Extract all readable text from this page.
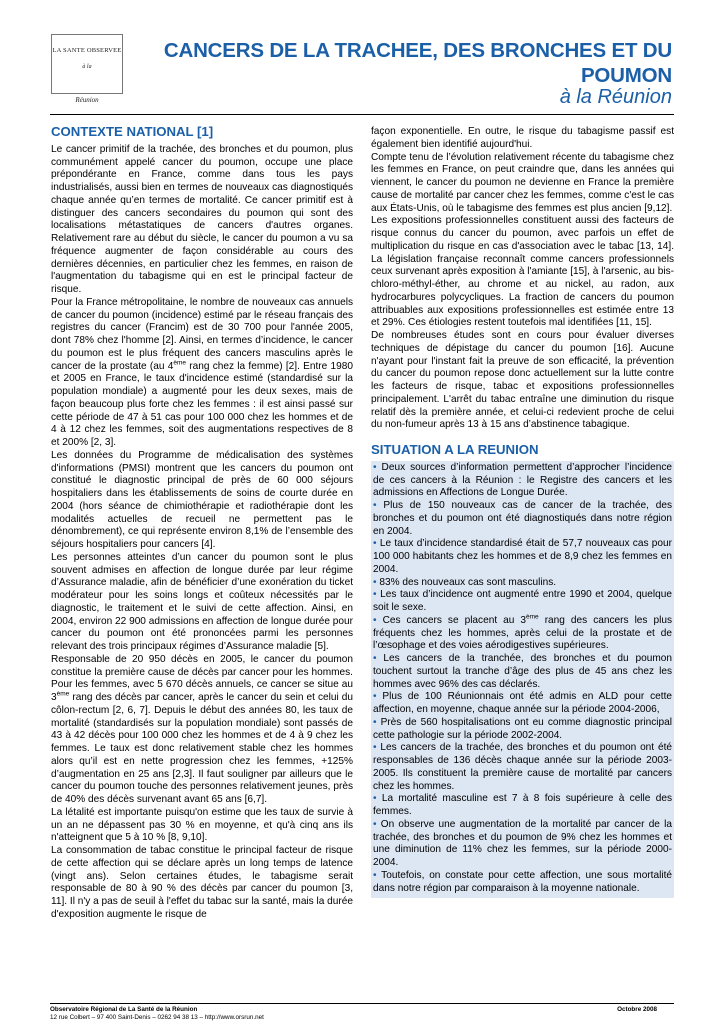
LA SANTE OBSERVEE
à la
Réunion
CANCERS DE LA TRACHEE, DES BRONCHES ET DU POUMON
à la Réunion
CONTEXTE NATIONAL [1]

Le cancer primitif de la trachée, des bronches et du poumon, plus communément appelé cancer du poumon, occupe une place prépondérante en France, comme dans tous les pays industrialisés, aussi bien en termes de nouveaux cas diagnostiqués chaque année qu’en termes de mortalité. Ce cancer primitif est à distinguer des cancers secondaires du poumon qui sont des localisations métastatiques de cancers d'autres organes. Relativement rare au début du siècle, le cancer du poumon a vu sa fréquence augmenter de façon considérable au cours des dernières décennies, en particulier chez les femmes, en raison de l'augmentation du tabagisme qui en est le principal facteur de risque.

Pour la France métropolitaine, le nombre de nouveaux cas annuels de cancer du poumon (incidence) estimé par le réseau français des registres du cancer (Francim) est de 30 700 pour l'année 2005, dont 78% chez l'homme [2]. Ainsi, en termes d’incidence, le cancer du poumon est le plus fréquent des cancers masculins après le cancer de la prostate (au 4ème rang chez la femme) [2]. Entre 1980 et 2005 en France, le taux d'incidence estimé (standardisé sur la population mondiale) a augmenté pour les deux sexes, mais de façon beaucoup plus forte chez les femmes : il est ainsi passé sur cette période de 47 à 51 cas pour 100 000 chez les hommes et de 4 à 12 chez les femmes, soit des augmentations respectives de 8 et 200% [2, 3].

Les données du Programme de médicalisation des systèmes d'informations (PMSI) montrent que les cancers du poumon ont constitué le diagnostic principal de près de 60 000 séjours hospitaliers dans les établissements de soins de courte durée en 2004 (hors séance de chimiothérapie et radiothérapie dont les modalités actuelles de recueil ne permettent pas le dénombrement), ce qui représente environ 8,1% de l’ensemble des séjours hospitaliers pour cancers [4].

Les personnes atteintes d’un cancer du poumon sont le plus souvent admises en affection de longue durée par leur régime d’Assurance maladie, afin de bénéficier d’une exonération du ticket modérateur pour les soins longs et coûteux nécessités par le diagnostic, le traitement et le suivi de cette affection. Ainsi, en 2004, environ 22 900 admissions en affection de longue durée pour cancer du poumon ont été prononcées parmi les personnes relevant des trois principaux régimes d’Assurance maladie [5].

Responsable de 20 950 décès en 2005, le cancer du poumon constitue la première cause de décès par cancer pour les hommes. Pour les femmes, avec 5 670 décès annuels, ce cancer se situe au 3ème rang des décès par cancer, après le cancer du sein et celui du côlon-rectum [2, 6, 7]. Depuis le début des années 80, les taux de mortalité (standardisés sur la population mondiale) sont passés de 43 à 42 décès pour 100 000 chez les hommes et de 4 à 9 chez les femmes. Le taux est donc relativement stable chez les hommes alors qu’il est en nette progression chez les femmes, +125% d’augmentation en 25 ans [2,3]. Il faut souligner par ailleurs que le cancer du poumon touche des personnes relativement jeunes, près de 40% des décès survenant avant 65 ans [6,7].

La létalité est importante puisqu'on estime que les taux de survie à un an ne dépassent pas 30 % en moyenne, et qu'à cinq ans ils n'atteignent que 5 à 10 % [8, 9,10].

La consommation de tabac constitue le principal facteur de risque de cette affection qui se déclare après un long temps de latence (vingt ans). Selon certaines études, le tabagisme serait responsable de 80 à 90 % des décès par cancer du poumon [3, 11]. Il n'y a pas de seuil à l'effet du tabac sur la santé, mais la durée d'exposition augmente le risque de

façon exponentielle. En outre, le risque du tabagisme passif est également bien identifié aujourd'hui.

Compte tenu de l’évolution relativement récente du tabagisme chez les femmes en France, on peut craindre que, dans les années qui viennent, le cancer du poumon ne devienne en France la première cause de mortalité par cancer chez les femmes, comme c'est le cas aux États-Unis, où le tabagisme des femmes est plus ancien [9,12].

Les expositions professionnelles constituent aussi des facteurs de risque connus du cancer du poumon, avec parfois un effet de multiplication du risque en cas d'association avec le tabac [13, 14]. La législation française reconnaît comme cancers professionnels ceux survenant après exposition à l'amiante [15], à l'arsenic, au bis-chloro-méthyl-éther, au chrome et au nickel, au radon, aux hydrocarbures polycycliques. La fraction de cancers du poumon attribuables aux expositions professionnelles est estimée entre 13 et 29%. Ces étiologies restent toutefois mal identifiées [11, 15].

De nombreuses études sont en cours pour évaluer diverses techniques de dépistage du cancer du poumon [16]. Aucune n'ayant pour l'instant fait la preuve de son efficacité, la prévention du cancer du poumon repose donc actuellement sur la lutte contre les facteurs de risque, tabac et expositions professionnelles principalement. L'arrêt du tabac entraîne une diminution du risque relatif dès la première année, et celui-ci redevient proche de celui du non-fumeur après 13 à 15 ans d’abstinence tabagique.

SITUATION A LA REUNION

• Deux sources d’information permettent d’approcher l’incidence de ces cancers à la Réunion : le Registre des cancers et les admissions en Affections de Longue Durée.

• Plus de 150 nouveaux cas de cancer de la trachée, des bronches et du poumon ont été diagnostiqués dans notre région en 2004.

• Le taux d’incidence standardisé était de 57,7 nouveaux cas pour 100 000 habitants chez les hommes et de 8,9 chez les femmes en 2004.

• 83% des nouveaux cas sont masculins.

• Les taux d’incidence ont augmenté entre 1990 et 2004, quelque soit le sexe.

• Ces cancers se placent au 3ème rang des cancers les plus fréquents chez les hommes, après celui de la prostate et de l’œsophage et des voies aérodigestives supérieures.

• Les cancers de la tranchée, des bronches et du poumon touchent surtout la tranche d’âge des plus de 45 ans chez les hommes avec 96% des cas déclarés.

• Plus de 100 Réunionnais ont été admis en ALD pour cette affection, en moyenne, chaque année sur la période 2004-2006,

• Près de 560 hospitalisations ont eu comme diagnostic principal cette pathologie sur la période 2002-2004.

• Les cancers de la trachée, des bronches et du poumon ont été responsables de 136 décès chaque année sur la période 2003-2005. Ils constituent la première cause de mortalité par cancers chez les hommes.

• La mortalité masculine est 7 à 8 fois supérieure à celle des femmes.

• On observe une augmentation de la mortalité par cancer de la trachée, des bronches et du poumon de 9% chez les hommes et une diminution de 11% chez les femmes, sur la période 2000-2004.

• Toutefois, on constate pour cette affection, une sous mortalité dans notre région par comparaison à la moyenne nationale.

Observatoire Régional de La Santé de la Réunion
12 rue Colbert – 97 400 Saint-Denis – 0262 94 38 13 – http://www.orsrun.net
Octobre 2008
